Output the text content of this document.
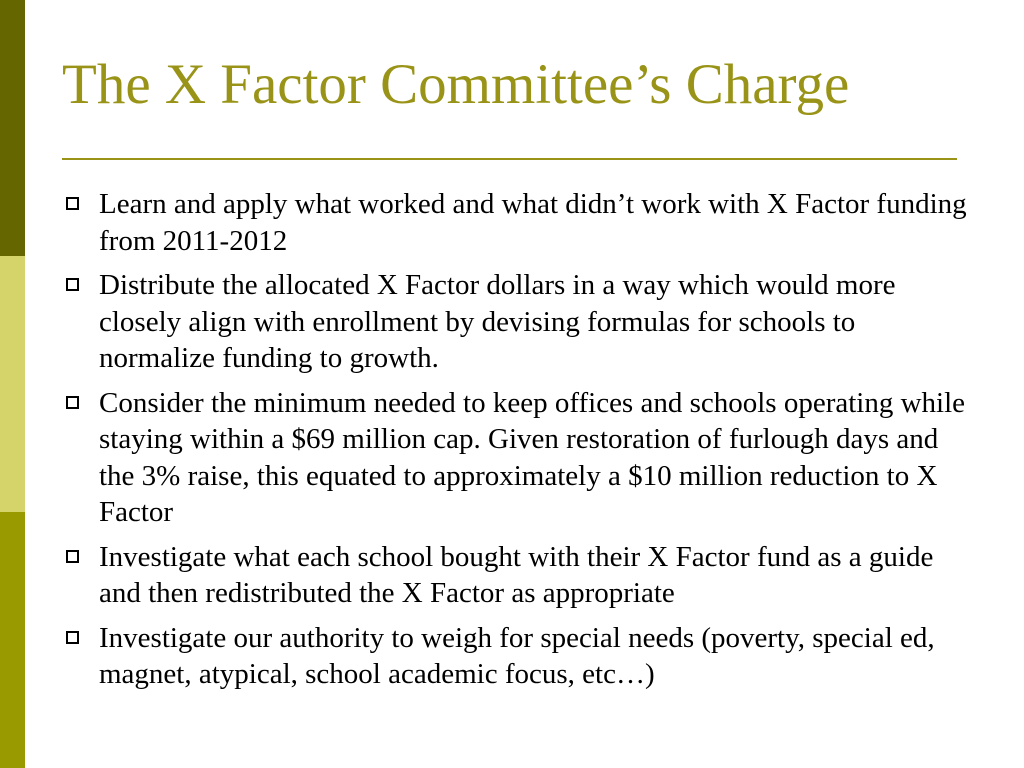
The X Factor Committee’s Charge
Learn and apply what worked and what didn’t work with X Factor funding from 2011-2012
Distribute the allocated X Factor dollars in a way which would more closely align with enrollment by devising formulas for schools to normalize funding to growth.
Consider the minimum needed to keep offices and schools operating while staying within a $69 million cap. Given restoration of furlough days and the 3% raise, this equated to approximately a $10 million reduction to X Factor
Investigate what each school bought with their X Factor fund as a guide and then redistributed the X Factor as appropriate
Investigate our authority to weigh for special needs (poverty, special ed, magnet, atypical, school academic focus, etc…)
